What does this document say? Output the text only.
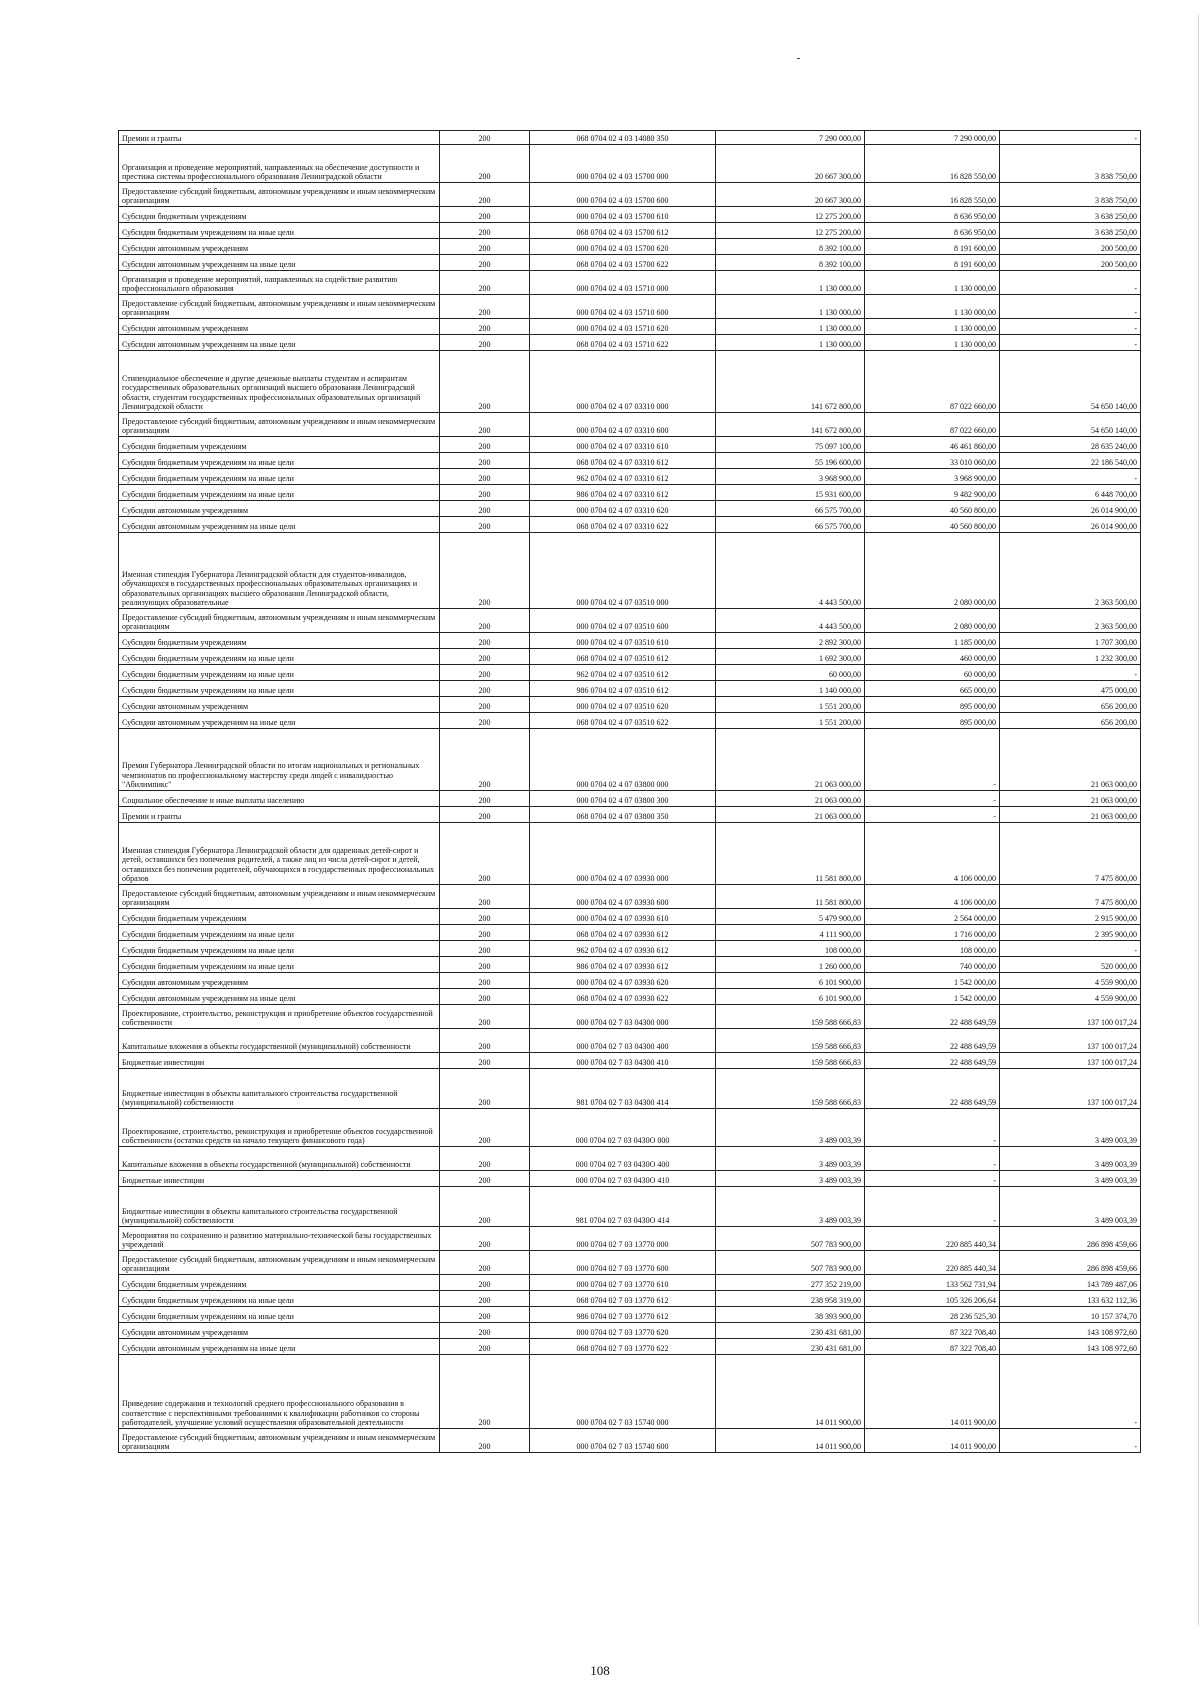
Премии и гранты	200	068 0704 02 4 03 14080 350	7 290 000,00	7 290 000,00	-
Организация и проведение мероприятий, направленных на обеспечение доступности и престижа системы профессионального образования Ленинградской области	200	000 0704 02 4 03 15700 000	20 667 300,00	16 828 550,00	3 838 750,00
Предоставление субсидий бюджетным, автономным учреждениям и иным некоммерческим организациям	200	000 0704 02 4 03 15700 600	20 667 300,00	16 828 550,00	3 838 750,00
Субсидии бюджетным учреждениям	200	000 0704 02 4 03 15700 610	12 275 200,00	8 636 950,00	3 638 250,00
Субсидии бюджетным учреждениям на иные цели	200	068 0704 02 4 03 15700 612	12 275 200,00	8 636 950,00	3 638 250,00
Субсидии автономным учреждениям	200	000 0704 02 4 03 15700 620	8 392 100,00	8 191 600,00	200 500,00
Субсидии автономным учреждениям на иные цели	200	068 0704 02 4 03 15700 622	8 392 100,00	8 191 600,00	200 500,00
Организация и проведение мероприятий, направленных на содействие развитию профессионального образования	200	000 0704 02 4 03 15710 000	1 130 000,00	1 130 000,00	-
Предоставление субсидий бюджетным, автономным учреждениям и иным некоммерческим организациям	200	000 0704 02 4 03 15710 600	1 130 000,00	1 130 000,00	-
Субсидии автономным учреждениям	200	000 0704 02 4 03 15710 620	1 130 000,00	1 130 000,00	-
Субсидии автономным учреждениям на иные цели	200	068 0704 02 4 03 15710 622	1 130 000,00	1 130 000,00	-
Стипендиальное обеспечение и другие денежные выплаты студентам и аспирантам государственных образовательных организаций высшего образования Ленинградской области, студентам государственных профессиональных образовательных организаций Ленинградской области	200	000 0704 02 4 07 03310 000	141 672 800,00	87 022 660,00	54 650 140,00
Предоставление субсидий бюджетным, автономным учреждениям и иным некоммерческим организациям	200	000 0704 02 4 07 03310 600	141 672 800,00	87 022 660,00	54 650 140,00
Субсидии бюджетным учреждениям	200	000 0704 02 4 07 03310 610	75 097 100,00	46 461 860,00	28 635 240,00
Субсидии бюджетным учреждениям на иные цели	200	068 0704 02 4 07 03310 612	55 196 600,00	33 010 060,00	22 186 540,00
Субсидии бюджетным учреждениям на иные цели	200	962 0704 02 4 07 03310 612	3 968 900,00	3 968 900,00	-
Субсидии бюджетным учреждениям на иные цели	200	986 0704 02 4 07 03310 612	15 931 600,00	9 482 900,00	6 448 700,00
Субсидии автономным учреждениям	200	000 0704 02 4 07 03310 620	66 575 700,00	40 560 800,00	26 014 900,00
Субсидии автономным учреждениям на иные цели	200	068 0704 02 4 07 03310 622	66 575 700,00	40 560 800,00	26 014 900,00
Именная стипендия Губернатора Ленинградской области для студентов-инвалидов, обучающихся в государственных профессиональных образовательных организациях и образовательных организациях высшего образования Ленинградской области, реализующих образовательные	200	000 0704 02 4 07 03510 000	4 443 500,00	2 080 000,00	2 363 500,00
Предоставление субсидий бюджетным, автономным учреждениям и иным некоммерческим организациям	200	000 0704 02 4 07 03510 600	4 443 500,00	2 080 000,00	2 363 500,00
Субсидии бюджетным учреждениям	200	000 0704 02 4 07 03510 610	2 892 300,00	1 185 000,00	1 707 300,00
Субсидии бюджетным учреждениям на иные цели	200	068 0704 02 4 07 03510 612	1 692 300,00	460 000,00	1 232 300,00
Субсидии бюджетным учреждениям на иные цели	200	962 0704 02 4 07 03510 612	60 000,00	60 000,00	-
Субсидии бюджетным учреждениям на иные цели	200	986 0704 02 4 07 03510 612	1 140 000,00	665 000,00	475 000,00
Субсидии автономным учреждениям	200	000 0704 02 4 07 03510 620	1 551 200,00	895 000,00	656 200,00
Субсидии автономным учреждениям на иные цели	200	068 0704 02 4 07 03510 622	1 551 200,00	895 000,00	656 200,00
Премия Губернатора Ленинградской области по итогам национальных и региональных чемпионатов по профессиональному мастерству среди людей с инвалидностью "Абилимпикс"	200	000 0704 02 4 07 03800 000	21 063 000,00	-	21 063 000,00
Социальное обеспечение и иные выплаты населению	200	000 0704 02 4 07 03800 300	21 063 000,00	-	21 063 000,00
Премии и гранты	200	068 0704 02 4 07 03800 350	21 063 000,00	-	21 063 000,00
Именная стипендия Губернатора Ленинградской области для одаренных детей-сирот и детей, оставшихся без попечения родителей, а также лиц из числа детей-сирот и детей, оставшихся без попечения родителей, обучающихся в государственных профессиональных образов	200	000 0704 02 4 07 03930 000	11 581 800,00	4 106 000,00	7 475 800,00
Предоставление субсидий бюджетным, автономным учреждениям и иным некоммерческим организациям	200	000 0704 02 4 07 03930 600	11 581 800,00	4 106 000,00	7 475 800,00
Субсидии бюджетным учреждениям	200	000 0704 02 4 07 03930 610	5 479 900,00	2 564 000,00	2 915 900,00
Субсидии бюджетным учреждениям на иные цели	200	068 0704 02 4 07 03930 612	4 111 900,00	1 716 000,00	2 395 900,00
Субсидии бюджетным учреждениям на иные цели	200	962 0704 02 4 07 03930 612	108 000,00	108 000,00	-
Субсидии бюджетным учреждениям на иные цели	200	986 0704 02 4 07 03930 612	1 260 000,00	740 000,00	520 000,00
Субсидии автономным учреждениям	200	000 0704 02 4 07 03930 620	6 101 900,00	1 542 000,00	4 559 900,00
Субсидии автономным учреждениям на иные цели	200	068 0704 02 4 07 03930 622	6 101 900,00	1 542 000,00	4 559 900,00
Проектирование, строительство, реконструкция и приобретение объектов государственной собственности	200	000 0704 02 7 03 04300 000	159 588 666,83	22 488 649,59	137 100 017,24
Капитальные вложения в объекты государственной (муниципальной) собственности	200	000 0704 02 7 03 04300 400	159 588 666,83	22 488 649,59	137 100 017,24
Бюджетные инвестиции	200	000 0704 02 7 03 04300 410	159 588 666,83	22 488 649,59	137 100 017,24
Бюджетные инвестиции в объекты капитального строительства государственной (муниципальной) собственности	200	981 0704 02 7 03 04300 414	159 588 666,83	22 488 649,59	137 100 017,24
Проектирование, строительство, реконструкция и приобретение объектов государственной собственности (остатки средств на начало текущего финансового года)	200	000 0704 02 7 03 0430O 000	3 489 003,39	-	3 489 003,39
Капитальные вложения в объекты государственной (муниципальной) собственности	200	000 0704 02 7 03 0430O 400	3 489 003,39	-	3 489 003,39
Бюджетные инвестиции	200	000 0704 02 7 03 0430O 410	3 489 003,39	-	3 489 003,39
Бюджетные инвестиции в объекты капитального строительства государственной (муниципальной) собственности	200	981 0704 02 7 03 0430O 414	3 489 003,39	-	3 489 003,39
Мероприятия по сохранению и развитию материально-технической базы государственных учреждений	200	000 0704 02 7 03 13770 000	507 783 900,00	220 885 440,34	286 898 459,66
Предоставление субсидий бюджетным, автономным учреждениям и иным некоммерческим организациям	200	000 0704 02 7 03 13770 600	507 783 900,00	220 885 440,34	286 898 459,66
Субсидии бюджетным учреждениям	200	000 0704 02 7 03 13770 610	277 352 219,00	133 562 731,94	143 789 487,06
Субсидии бюджетным учреждениям на иные цели	200	068 0704 02 7 03 13770 612	238 958 319,00	105 326 206,64	133 632 112,36
Субсидии бюджетным учреждениям на иные цели	200	986 0704 02 7 03 13770 612	38 393 900,00	28 236 525,30	10 157 374,70
Субсидии автономным учреждениям	200	000 0704 02 7 03 13770 620	230 431 681,00	87 322 708,40	143 108 972,60
Субсидии автономным учреждениям на иные цели	200	068 0704 02 7 03 13770 622	230 431 681,00	87 322 708,40	143 108 972,60
Приведение содержания и технологий среднего профессионального образования в соответствие с перспективными требованиями к квалификации работников со стороны работодателей, улучшение условий осуществления образовательной деятельности	200	000 0704 02 7 03 15740 000	14 011 900,00	14 011 900,00	-
Предоставление субсидий бюджетным, автономным учреждениям и иным некоммерческим организациям	200	000 0704 02 7 03 15740 600	14 011 900,00	14 011 900,00	-
108
